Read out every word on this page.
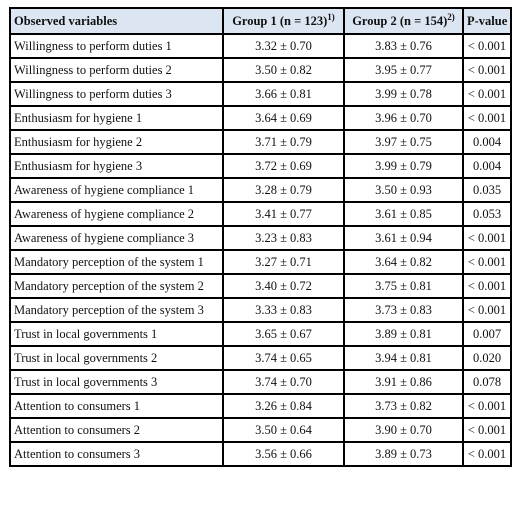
Observed variables	Group 1 (n = 123)$^{1)}$	Group 2 (n = 154)$^{2)}$	P-value
Willingness to perform duties 1	3.32 ± 0.70	3.83 ± 0.76	< 0.001
Willingness to perform duties 2	3.50 ± 0.82	3.95 ± 0.77	< 0.001
Willingness to perform duties 3	3.66 ± 0.81	3.99 ± 0.78	< 0.001
Enthusiasm for hygiene 1	3.64 ± 0.69	3.96 ± 0.70	< 0.001
Enthusiasm for hygiene 2	3.71 ± 0.79	3.97 ± 0.75	0.004
Enthusiasm for hygiene 3	3.72 ± 0.69	3.99 ± 0.79	0.004
Awareness of hygiene compliance 1	3.28 ± 0.79	3.50 ± 0.93	0.035
Awareness of hygiene compliance 2	3.41 ± 0.77	3.61 ± 0.85	0.053
Awareness of hygiene compliance 3	3.23 ± 0.83	3.61 ± 0.94	< 0.001
Mandatory perception of the system 1	3.27 ± 0.71	3.64 ± 0.82	< 0.001
Mandatory perception of the system 2	3.40 ± 0.72	3.75 ± 0.81	< 0.001
Mandatory perception of the system 3	3.33 ± 0.83	3.73 ± 0.83	< 0.001
Trust in local governments 1	3.65 ± 0.67	3.89 ± 0.81	0.007
Trust in local governments 2	3.74 ± 0.65	3.94 ± 0.81	0.020
Trust in local governments 3	3.74 ± 0.70	3.91 ± 0.86	0.078
Attention to consumers 1	3.26 ± 0.84	3.73 ± 0.82	< 0.001
Attention to consumers 2	3.50 ± 0.64	3.90 ± 0.70	< 0.001
Attention to consumers 3	3.56 ± 0.66	3.89 ± 0.73	< 0.001
